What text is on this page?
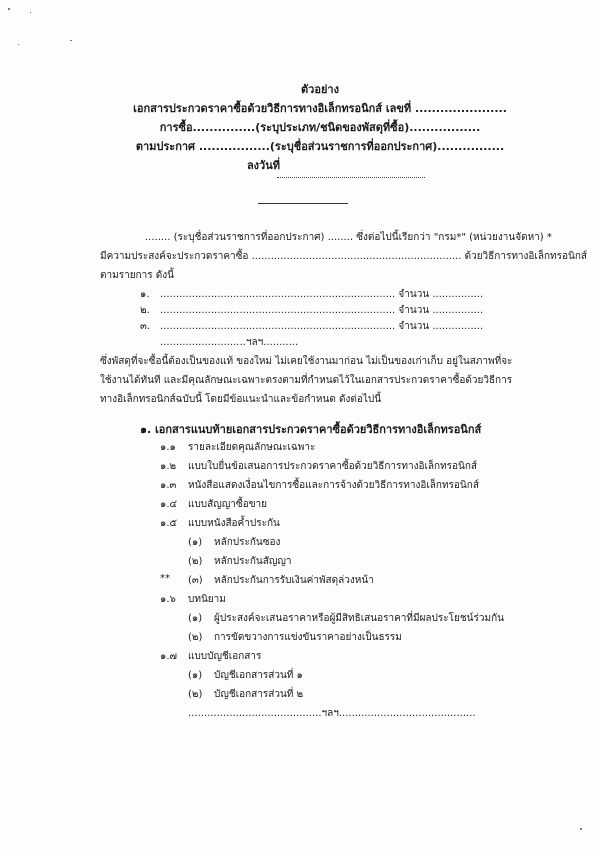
ตัวอย่าง
เอกสารประกวดราคาซื้อด้วยวิธีการทางอิเล็กทรอนิกส์ เลขที่ ......................
การซื้อ...............(ระบุประเภท/ชนิดของพัสดุที่ซื้อ).................
ตามประกาศ .................(ระบุชื่อส่วนราชการที่ออกประกาศ)................
ลงวันที่
........ (ระบุชื่อส่วนราชการที่ออกประกาศ) ........ ซึ่งต่อไปนี้เรียกว่า "กรม*" (หน่วยงานจัดหา) *
มีความประสงค์จะประกวดราคาซื้อ .................................................................. ด้วยวิธีการทางอิเล็กทรอนิกส์
ตามรายการ ดังนี้
๑. .......................................................................... จำนวน ................
๒. .......................................................................... จำนวน ................
๓. .......................................................................... จำนวน ................
...........................ฯลฯ...........
ซึ่งพัสดุที่จะซื้อนี้ต้องเป็นของแท้ ของใหม่ ไม่เคยใช้งานมาก่อน ไม่เป็นของเก่าเก็บ อยู่ในสภาพที่จะ
ใช้งานได้ทันที และมีคุณลักษณะเฉพาะตรงตามที่กำหนดไว้ในเอกสารประกวดราคาซื้อด้วยวิธีการ
ทางอิเล็กทรอนิกส์ฉบับนี้ โดยมีข้อแนะนำและข้อกำหนด ดังต่อไปนี้
๑. เอกสารแนบท้ายเอกสารประกวดราคาซื้อด้วยวิธีการทางอิเล็กทรอนิกส์
๑.๑ รายละเอียดคุณลักษณะเฉพาะ
๑.๒ แบบใบยื่นข้อเสนอการประกวดราคาซื้อด้วยวิธีการทางอิเล็กทรอนิกส์
๑.๓ หนังสือแสดงเงื่อนไขการซื้อและการจ้างด้วยวิธีการทางอิเล็กทรอนิกส์
๑.๔ แบบสัญญาซื้อขาย
๑.๕ แบบหนังสือค้ำประกัน
(๑) หลักประกันซอง
(๒) หลักประกันสัญญา
** (๓) หลักประกันการรับเงินค่าพัสดุล่วงหน้า
๑.๖ บทนิยาม
(๑) ผู้ประสงค์จะเสนอราคาหรือผู้มีสิทธิเสนอราคาที่มีผลประโยชน์ร่วมกัน
(๒) การขัดขวางการแข่งขันราคาอย่างเป็นธรรม
๑.๗ แบบบัญชีเอกสาร
(๑) บัญชีเอกสารส่วนที่ ๑
(๒) บัญชีเอกสารส่วนที่ ๒
..........................................ฯลฯ...........................................
